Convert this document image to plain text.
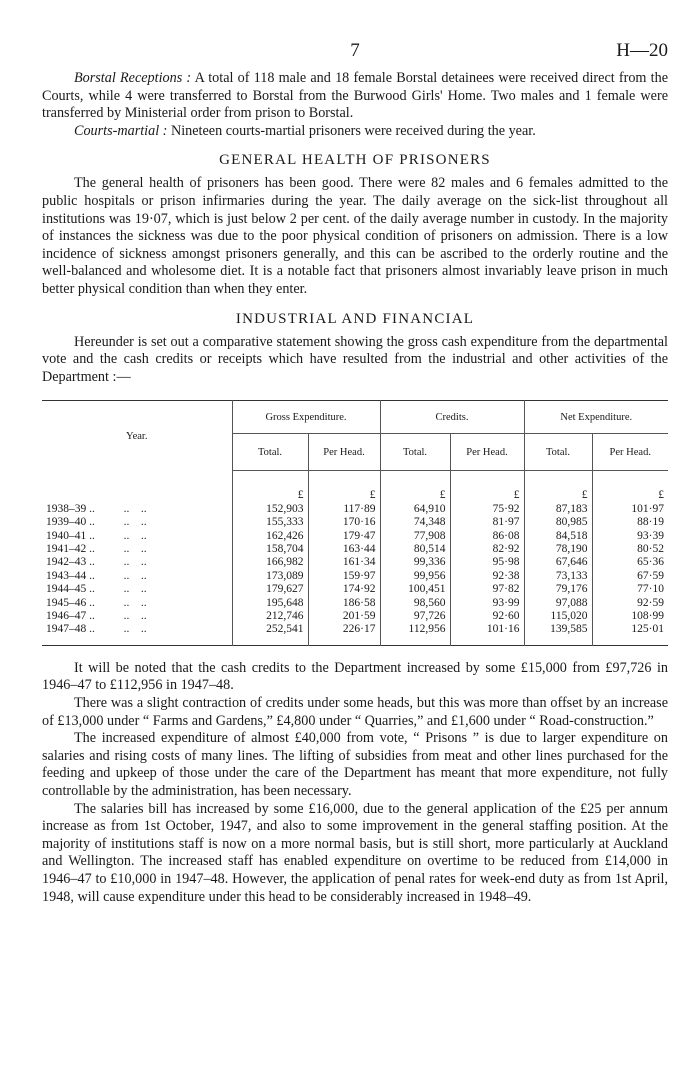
7	H—20

Borstal Receptions : A total of 118 male and 18 female Borstal detainees were received direct from the Courts, while 4 were transferred to Borstal from the Burwood Girls' Home. Two males and 1 female were transferred by Ministerial order from prison to Borstal.

Courts-martial : Nineteen courts-martial prisoners were received during the year.

GENERAL HEALTH OF PRISONERS

The general health of prisoners has been good. There were 82 males and 6 females admitted to the public hospitals or prison infirmaries during the year. The daily average on the sick-list throughout all institutions was 19·07, which is just below 2 per cent. of the daily average number in custody. In the majority of instances the sickness was due to the poor physical condition of prisoners on admission. There is a low incidence of sickness amongst prisoners generally, and this can be ascribed to the orderly routine and the well-balanced and wholesome diet. It is a notable fact that prisoners almost invariably leave prison in much better physical condition than when they enter.

INDUSTRIAL AND FINANCIAL

Hereunder is set out a comparative statement showing the gross cash expenditure from the departmental vote and the cash credits or receipts which have resulted from the industrial and other activities of the Department :—

Year.	Gross Expenditure.		Credits.		Net Expenditure.	
	Total.	Per Head.	Total.	Per Head.	Total.	Per Head.
	£	£	£	£	£	£
1938–39 ..          ..    ..	152,903	117·89	64,910	75·92	87,183	101·97
1939–40 ..          ..    ..	155,333	170·16	74,348	81·97	80,985	88·19
1940–41 ..          ..    ..	162,426	179·47	77,908	86·08	84,518	93·39
1941–42 ..          ..    ..	158,704	163·44	80,514	82·92	78,190	80·52
1942–43 ..          ..    ..	166,982	161·34	99,336	95·98	67,646	65·36
1943–44 ..          ..    ..	173,089	159·97	99,956	92·38	73,133	67·59
1944–45 ..          ..    ..	179,627	174·92	100,451	97·82	79,176	77·10
1945–46 ..          ..    ..	195,648	186·58	98,560	93·99	97,088	92·59
1946–47 ..          ..    ..	212,746	201·59	97,726	92·60	115,020	108·99
1947–48 ..          ..    ..	252,541	226·17	112,956	101·16	139,585	125·01

It will be noted that the cash credits to the Department increased by some £15,000 from £97,726 in 1946–47 to £112,956 in 1947–48.

There was a slight contraction of credits under some heads, but this was more than offset by an increase of £13,000 under “ Farms and Gardens,” £4,800 under “ Quarries,” and £1,600 under “ Road-construction.”

The increased expenditure of almost £40,000 from vote, “ Prisons ” is due to larger expenditure on salaries and rising costs of many lines. The lifting of subsidies from meat and other lines purchased for the feeding and upkeep of those under the care of the Department has meant that more expenditure, not fully controllable by the administration, has been necessary.

The salaries bill has increased by some £16,000, due to the general application of the £25 per annum increase as from 1st October, 1947, and also to some improvement in the general staffing position. At the majority of institutions staff is now on a more normal basis, but is still short, more particularly at Auckland and Wellington. The increased staff has enabled expenditure on overtime to be reduced from £14,000 in 1946–47 to £10,000 in 1947–48. However, the application of penal rates for week-end duty as from 1st April, 1948, will cause expenditure under this head to be considerably increased in 1948–49.
